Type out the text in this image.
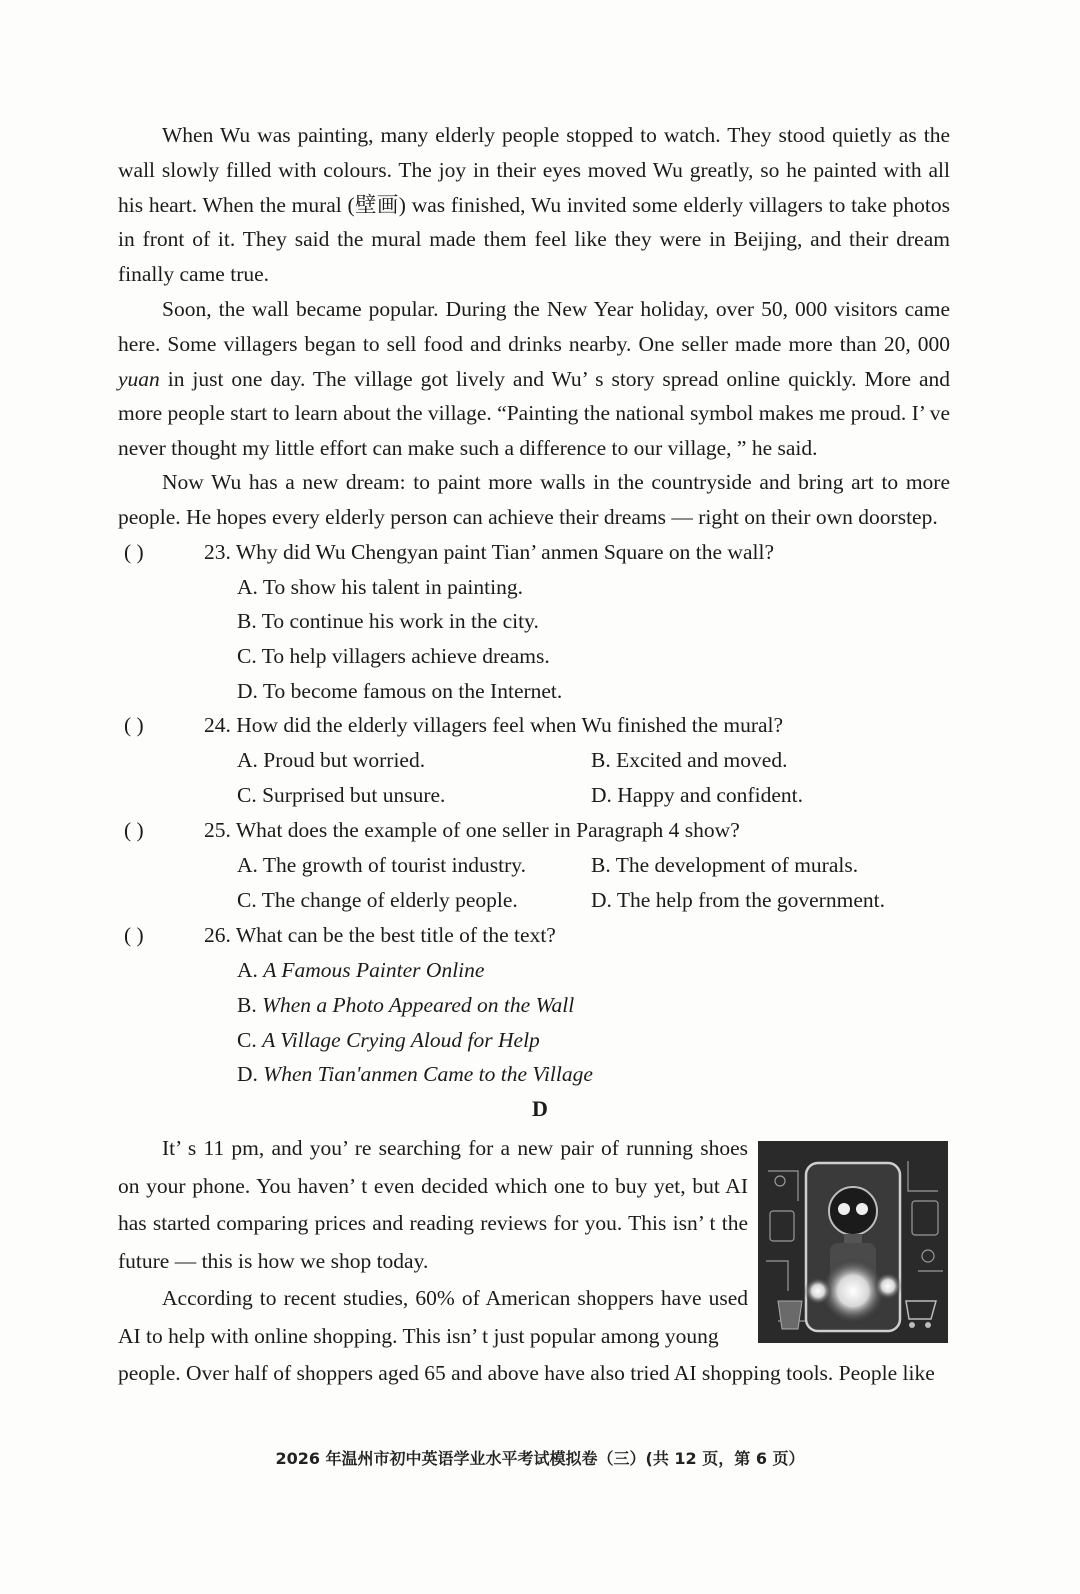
When Wu was painting, many elderly people stopped to watch. They stood quietly as the wall slowly filled with colours. The joy in their eyes moved Wu greatly, so he painted with all his heart. When the mural (壁画) was finished, Wu invited some elderly villagers to take photos in front of it. They said the mural made them feel like they were in Beijing, and their dream finally came true.

Soon, the wall became popular. During the New Year holiday, over 50, 000 visitors came here. Some villagers began to sell food and drinks nearby. One seller made more than 20, 000 yuan in just one day. The village got lively and Wu’ s story spread online quickly. More and more people start to learn about the village. “Painting the national symbol makes me proud. I’ ve never thought my little effort can make such a difference to our village, ” he said.

Now Wu has a new dream: to paint more walls in the countryside and bring art to more people. He hopes every elderly person can achieve their dreams — right on their own doorstep.

( )	23. Why did Wu Chengyan paint Tian’ anmen Square on the wall?
A. To show his talent in painting.
B. To continue his work in the city.
C. To help villagers achieve dreams.
D. To become famous on the Internet.
( )	24. How did the elderly villagers feel when Wu finished the mural?
A. Proud but worried.	B. Excited and moved.
C. Surprised but unsure.	D. Happy and confident.
( )	25. What does the example of one seller in Paragraph 4 show?
A. The growth of tourist industry.	B. The development of murals.
C. The change of elderly people.	D. The help from the government.
( )	26. What can be the best title of the text?
A. A Famous Painter Online
B. When a Photo Appeared on the Wall
C. A Village Crying Aloud for Help
D. When Tian'anmen Came to the Village
D

It’ s 11 pm, and you’ re searching for a new pair of running shoes on your phone. You haven’ t even decided which one to buy yet, but AI has started comparing prices and reading reviews for you. This isn’ t the future — this is how we shop today.

According to recent studies, 60% of American shoppers have used AI to help with online shopping. This isn’ t just popular among young

people. Over half of shoppers aged 65 and above have also tried AI shopping tools. People like

2026 年温州市初中英语学业水平考试模拟卷（三）(共 12 页，第 6 页）
